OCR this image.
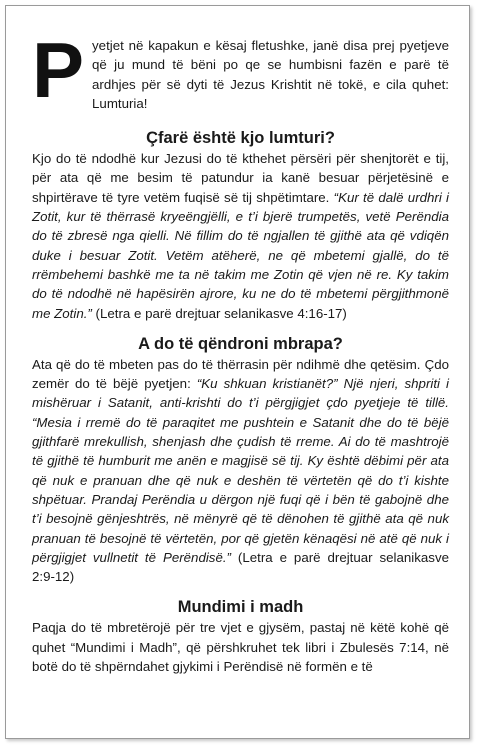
Pyetjet në kapakun e kësaj fletushke, janë disa prej pyetjeve që ju mund të bëni po qe se humbisni fazën e parë të ardhjes për së dyti të Jezus Krishtit në tokë, e cila quhet: Lumturia!

Çfarë është kjo lumturi?

Kjo do të ndodhë kur Jezusi do të kthehet përsëri për shenjtorët e tij, për ata që me besim të patundur ia kanë besuar përjetësinë e shpirtërave të tyre vetëm fuqisë së tij shpëtimtare. “Kur të dalë urdhri i Zotit, kur të thërrasë kryeëngjëlli, e t’i bjerë trumpetës, vetë Perëndia do të zbresë nga qielli. Në fillim do të ngjallen të gjithë ata që vdiqën duke i besuar Zotit. Vetëm atëherë, ne që mbetemi gjallë, do të rrëmbehemi bashkë me ta në takim me Zotin që vjen në re. Ky takim do të ndodhë në hapësirën ajrore, ku ne do të mbetemi përgjithmonë me Zotin.” (Letra e parë drejtuar selanikasve 4:16-17)

A do të qëndroni mbrapa?

Ata që do të mbeten pas do të thërrasin për ndihmë dhe qetësim. Çdo zemër do të bëjë pyetjen: “Ku shkuan kristianët?” Një njeri, shpriti i mishëruar i Satanit, anti-krishti do t’i përgjigjet çdo pyetjeje të tillë. “Mesia i rremë do të paraqitet me pushtein e Satanit dhe do të bëjë gjithfarë mrekullish, shenjash dhe çudish të rreme. Ai do të mashtrojë të gjithë të humburit me anën e magjisë së tij. Ky është dëbimi për ata që nuk e pranuan dhe që nuk e deshën të vërtetën që do t’i kishte shpëtuar. Prandaj Perëndia u dërgon një fuqi që i bën të gabojnë dhe t’i besojnë gënjeshtrës, në mënyrë që të dënohen të gjithë ata që nuk pranuan të besojnë të vërtetën, por që gjetën kënaqësi në atë që nuk i përgjigjet vullnetit të Perëndisë.” (Letra e parë drejtuar selanikasve 2:9-12)

Mundimi i madh

Paqja do të mbretërojë për tre vjet e gjysëm, pastaj në këtë kohë që quhet “Mundimi i Madh”, që përshkruhet tek libri i Zbulesës 7:14, në botë do të shpërndahet gjykimi i Perëndisë në formën e të
